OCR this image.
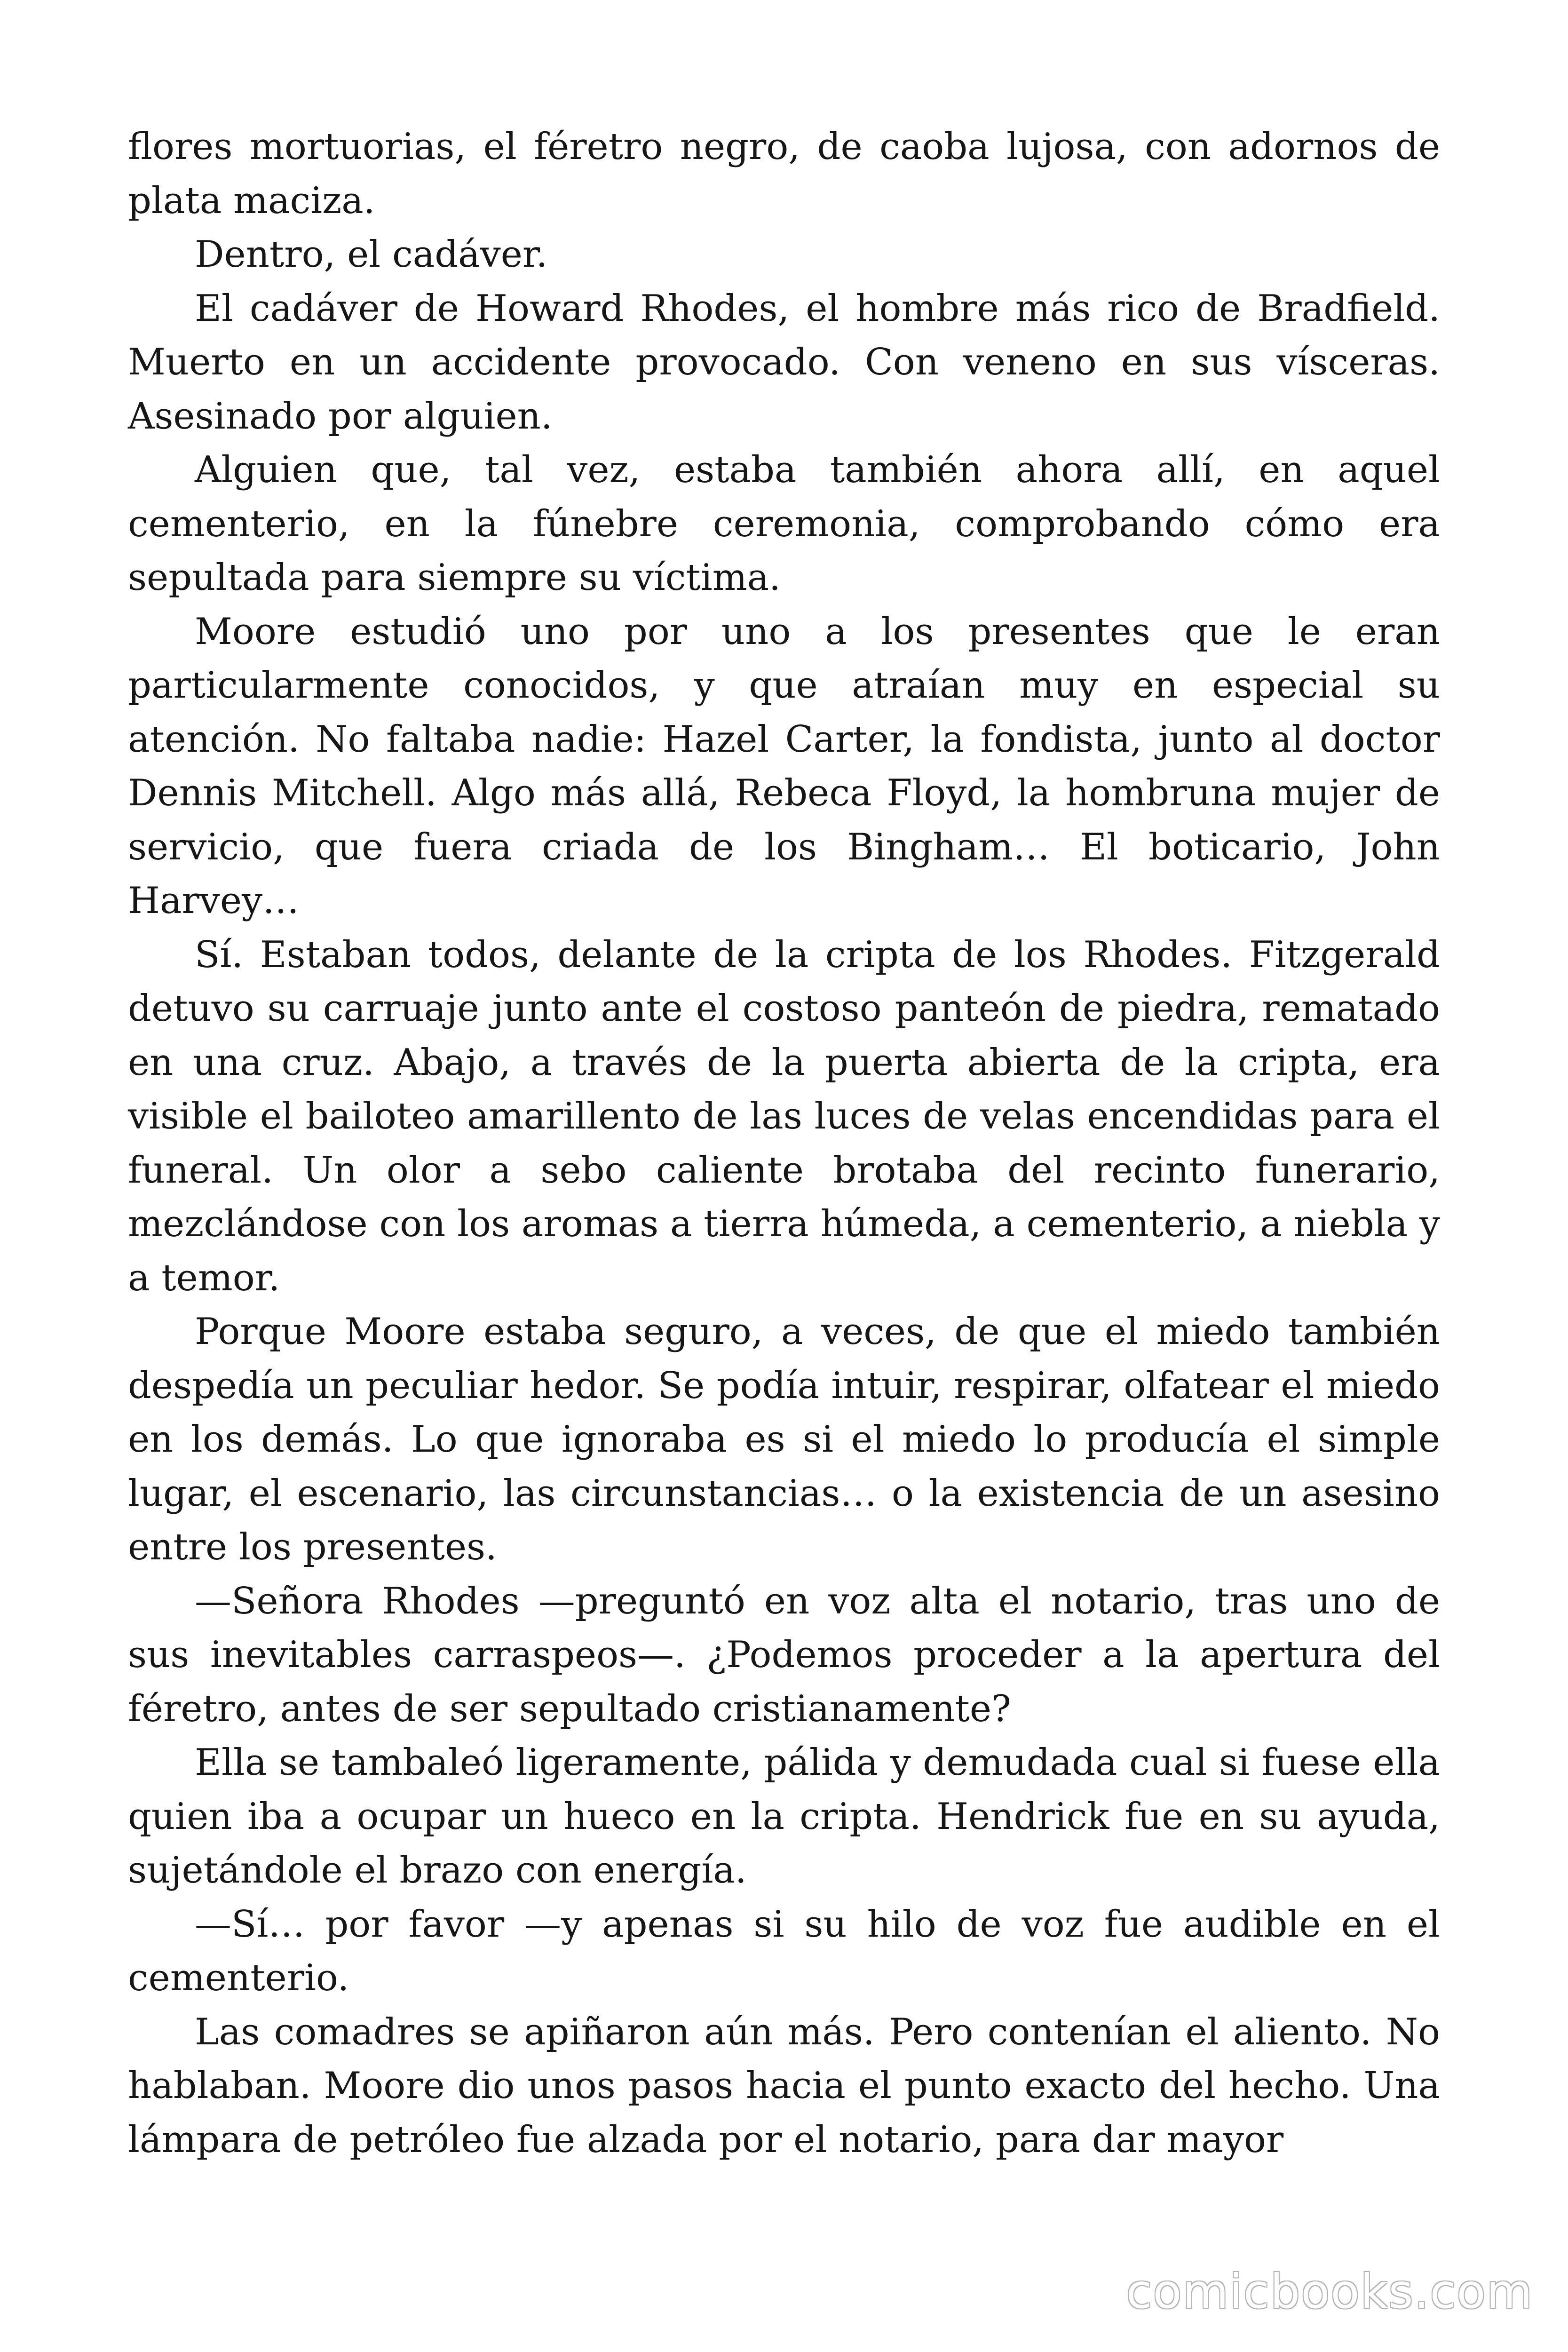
flores mortuorias, el féretro negro, de caoba lujosa, con adornos de plata maciza.

Dentro, el cadáver.

El cadáver de Howard Rhodes, el hombre más rico de Bradfield. Muerto en un accidente provocado. Con veneno en sus vísceras. Asesinado por alguien.

Alguien que, tal vez, estaba también ahora allí, en aquel cementerio, en la fúnebre ceremonia, comprobando cómo era sepultada para siempre su víctima.

Moore estudió uno por uno a los presentes que le eran particularmente conocidos, y que atraían muy en especial su atención. No faltaba nadie: Hazel Carter, la fondista, junto al doctor Dennis Mitchell. Algo más allá, Rebeca Floyd, la hombruna mujer de servicio, que fuera criada de los Bingham… El boticario, John Harvey…

Sí. Estaban todos, delante de la cripta de los Rhodes. Fitzgerald detuvo su carruaje junto ante el costoso panteón de piedra, rematado en una cruz. Abajo, a través de la puerta abierta de la cripta, era visible el bailoteo amarillento de las luces de velas encendidas para el funeral. Un olor a sebo caliente brotaba del recinto funerario, mezclándose con los aromas a tierra húmeda, a cementerio, a niebla y a temor.

Porque Moore estaba seguro, a veces, de que el miedo también despedía un peculiar hedor. Se podía intuir, respirar, olfatear el miedo en los demás. Lo que ignoraba es si el miedo lo producía el simple lugar, el escenario, las circunstancias… o la existencia de un asesino entre los presentes.

—Señora Rhodes —preguntó en voz alta el notario, tras uno de sus inevitables carraspeos—. ¿Podemos proceder a la apertura del féretro, antes de ser sepultado cristianamente?

Ella se tambaleó ligeramente, pálida y demudada cual si fuese ella quien iba a ocupar un hueco en la cripta. Hendrick fue en su ayuda, sujetándole el brazo con energía.

—Sí… por favor —y apenas si su hilo de voz fue audible en el cementerio.

Las comadres se apiñaron aún más. Pero contenían el aliento. No hablaban. Moore dio unos pasos hacia el punto exacto del hecho. Una lámpara de petróleo fue alzada por el notario, para dar mayor

comicbooks.com
